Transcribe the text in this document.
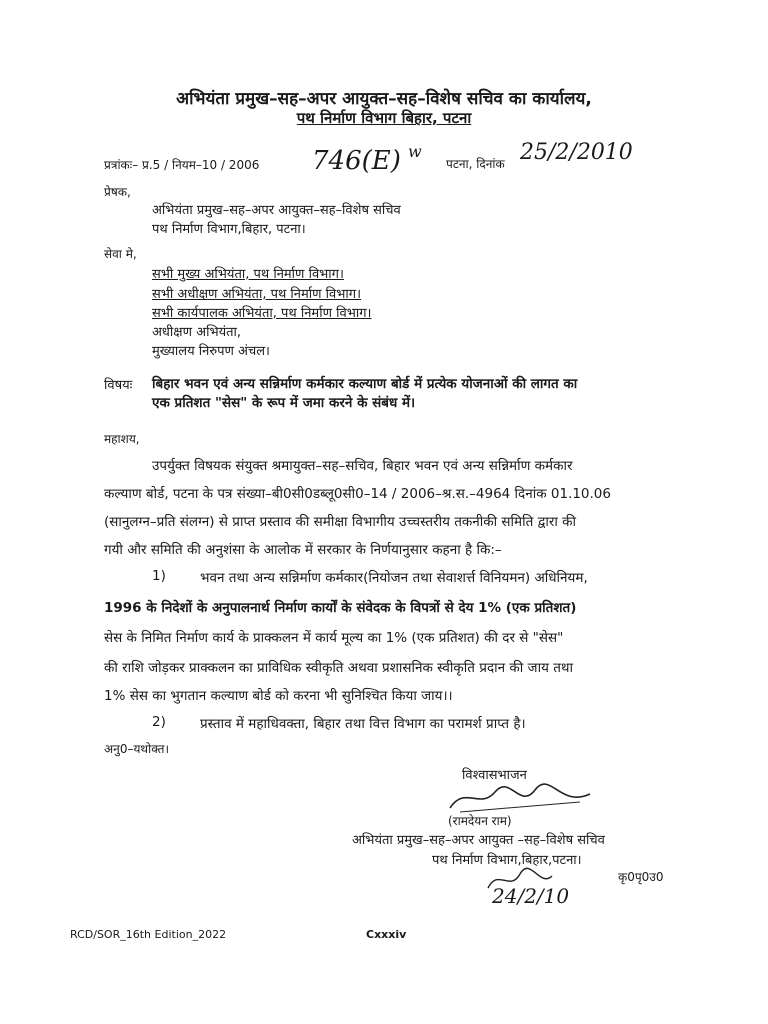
अभियंता प्रमुख–सह–अपर आयुक्त–सह–विशेष सचिव का कार्यालय,
पथ निर्माण विभाग बिहार, पटना
प्रत्रांकः– प्र.5 / नियम–10 / 2006 746(E) w
पटना, दिनांक 25/2/2010
प्रेषक,
अभियंता प्रमुख–सह–अपर आयुक्त–सह–विशेष सचिव
पथ निर्माण विभाग,बिहार, पटना।
सेवा मे,
सभी मुख्य अभियंता, पथ निर्माण विभाग।
सभी अधीक्षण अभियंता, पथ निर्माण विभाग।
सभी कार्यपालक अभियंता, पथ निर्माण विभाग।
अधीक्षण अभियंता,
मुख्यालय निरुपण अंचल।
विषयः बिहार भवन एवं अन्य सन्निर्माण कर्मकार कल्याण बोर्ड में प्रत्येक योजनाओं की लागत का
एक प्रतिशत "सेस" के रूप में जमा करने के संबंध में।
महाशय,
उपर्युक्त विषयक संयुक्त श्रमायुक्त–सह–सचिव, बिहार भवन एवं अन्य सन्निर्माण कर्मकार
कल्याण बोर्ड, पटना के पत्र संख्या–बी0सी0डब्लू0सी0–14 / 2006–श्र.स.–4964 दिनांक 01.10.06
(सानुलग्न–प्रति संलग्न) से प्राप्त प्रस्ताव की समीक्षा विभागीय उच्चस्तरीय तकनीकी समिति द्वारा की
गयी और समिति की अनुशंसा के आलोक में सरकार के निर्णयानुसार कहना है कि:–
1)	भवन तथा अन्य सन्निर्माण कर्मकार(नियोजन तथा सेवाशर्त्त विनियमन) अधिनियम,
1996 के निदेशों के अनुपालनार्थ निर्माण कार्यों के संवेदक के विपत्रों से देय 1% (एक प्रतिशत)
सेस के निमित निर्माण कार्य के प्राक्कलन में कार्य मूल्य का 1% (एक प्रतिशत) की दर से "सेस"
की राशि जोड़कर प्राक्कलन का प्राविधिक स्वीकृति अथवा प्रशासनिक स्वीकृति प्रदान की जाय तथा
1% सेस का भुगतान कल्याण बोर्ड को करना भी सुनिश्चित किया जाय।।
2)	प्रस्ताव में महाधिवक्ता, बिहार तथा वित्त विभाग का परामर्श प्राप्त है।
अनु0–यथोक्त।
विश्वासभाजन
(रामदेयन राम)
अभियंता प्रमुख–सह–अपर आयुक्त –सह–विशेष सचिव
पथ निर्माण विभाग,बिहार,पटना।
24/2/10
कृ0पृ0उ0
RCD/SOR_16th Edition_2022	Cxxxiv
